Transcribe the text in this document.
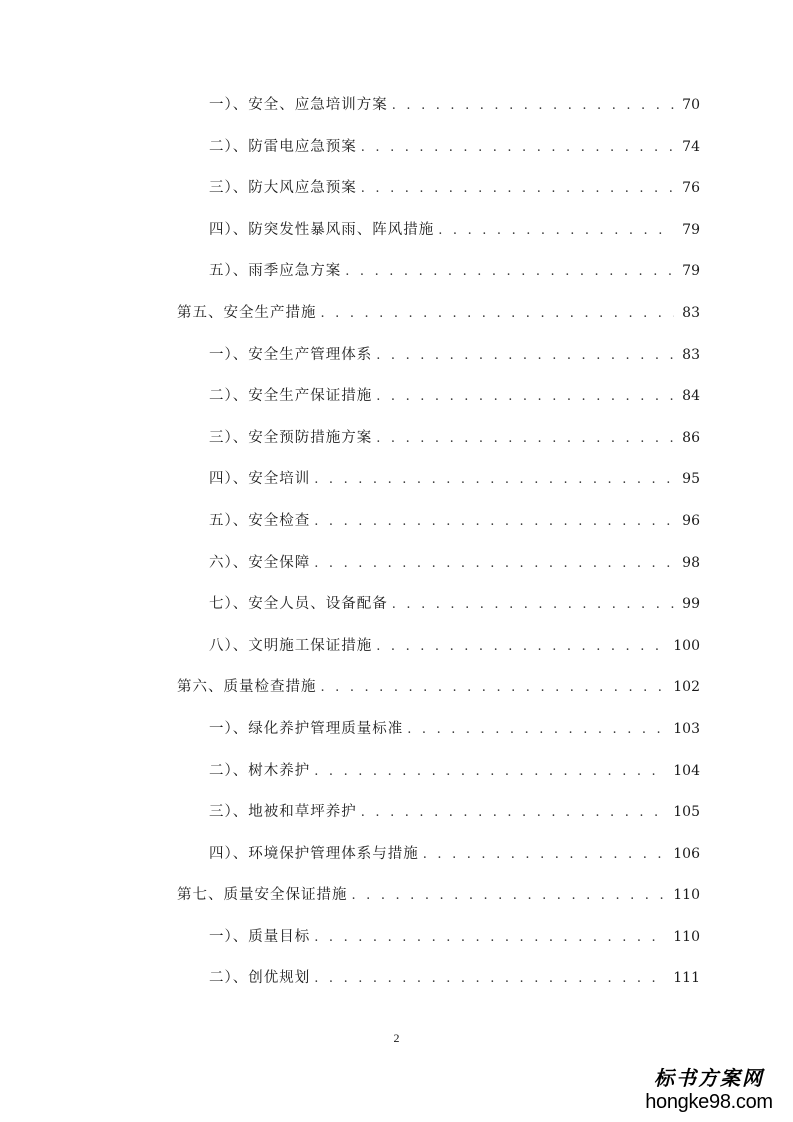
一）、安全、应急培训方案 . . .	70
二）、防雷电应急预案 . . .	74
三）、防大风应急预案 . . .	76
四）、防突发性暴风雨、阵风措施 . . .	79
五）、雨季应急方案 . . .	79
第五、安全生产措施 . . .	83
一）、安全生产管理体系 . . .	83
二）、安全生产保证措施 . . .	84
三）、安全预防措施方案 . . .	86
四）、安全培训 . . .	95
五）、安全检查 . . .	96
六）、安全保障 . . .	98
七）、安全人员、设备配备 . . .	99
八）、文明施工保证措施 . . .	100
第六、质量检查措施 . . .	102
一）、绿化养护管理质量标准 . . .	103
二）、树木养护 . . .	104
三）、地被和草坪养护 . . .	105
四）、环境保护管理体系与措施 . . .	106
第七、质量安全保证措施 . . .	110
一）、质量目标 . . .	110
二）、创优规划 . . .	111
2
标书方案网
hongke98.com
